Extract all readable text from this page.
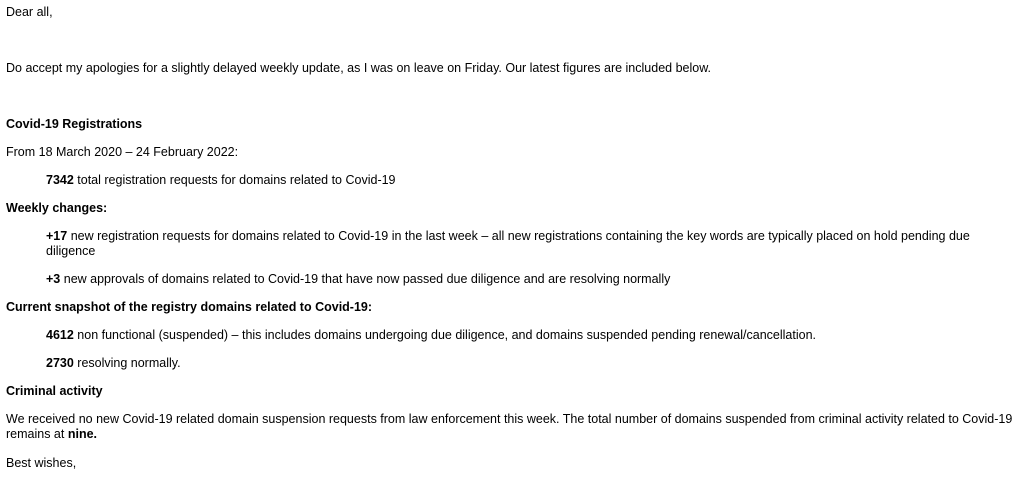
Dear all,
Do accept my apologies for a slightly delayed weekly update, as I was on leave on Friday. Our latest figures are included below.
Covid-19 Registrations
From 18 March 2020 – 24 February 2022:
7342 total registration requests for domains related to Covid-19
Weekly changes:
+17 new registration requests for domains related to Covid-19 in the last week – all new registrations containing the key words are typically placed on hold pending due diligence
+3 new approvals of domains related to Covid-19 that have now passed due diligence and are resolving normally
Current snapshot of the registry domains related to Covid-19:
4612 non functional (suspended) – this includes domains undergoing due diligence, and domains suspended pending renewal/cancellation.
2730 resolving normally.
Criminal activity
We received no new Covid-19 related domain suspension requests from law enforcement this week. The total number of domains suspended from criminal activity related to Covid-19 remains at nine.
Best wishes,
